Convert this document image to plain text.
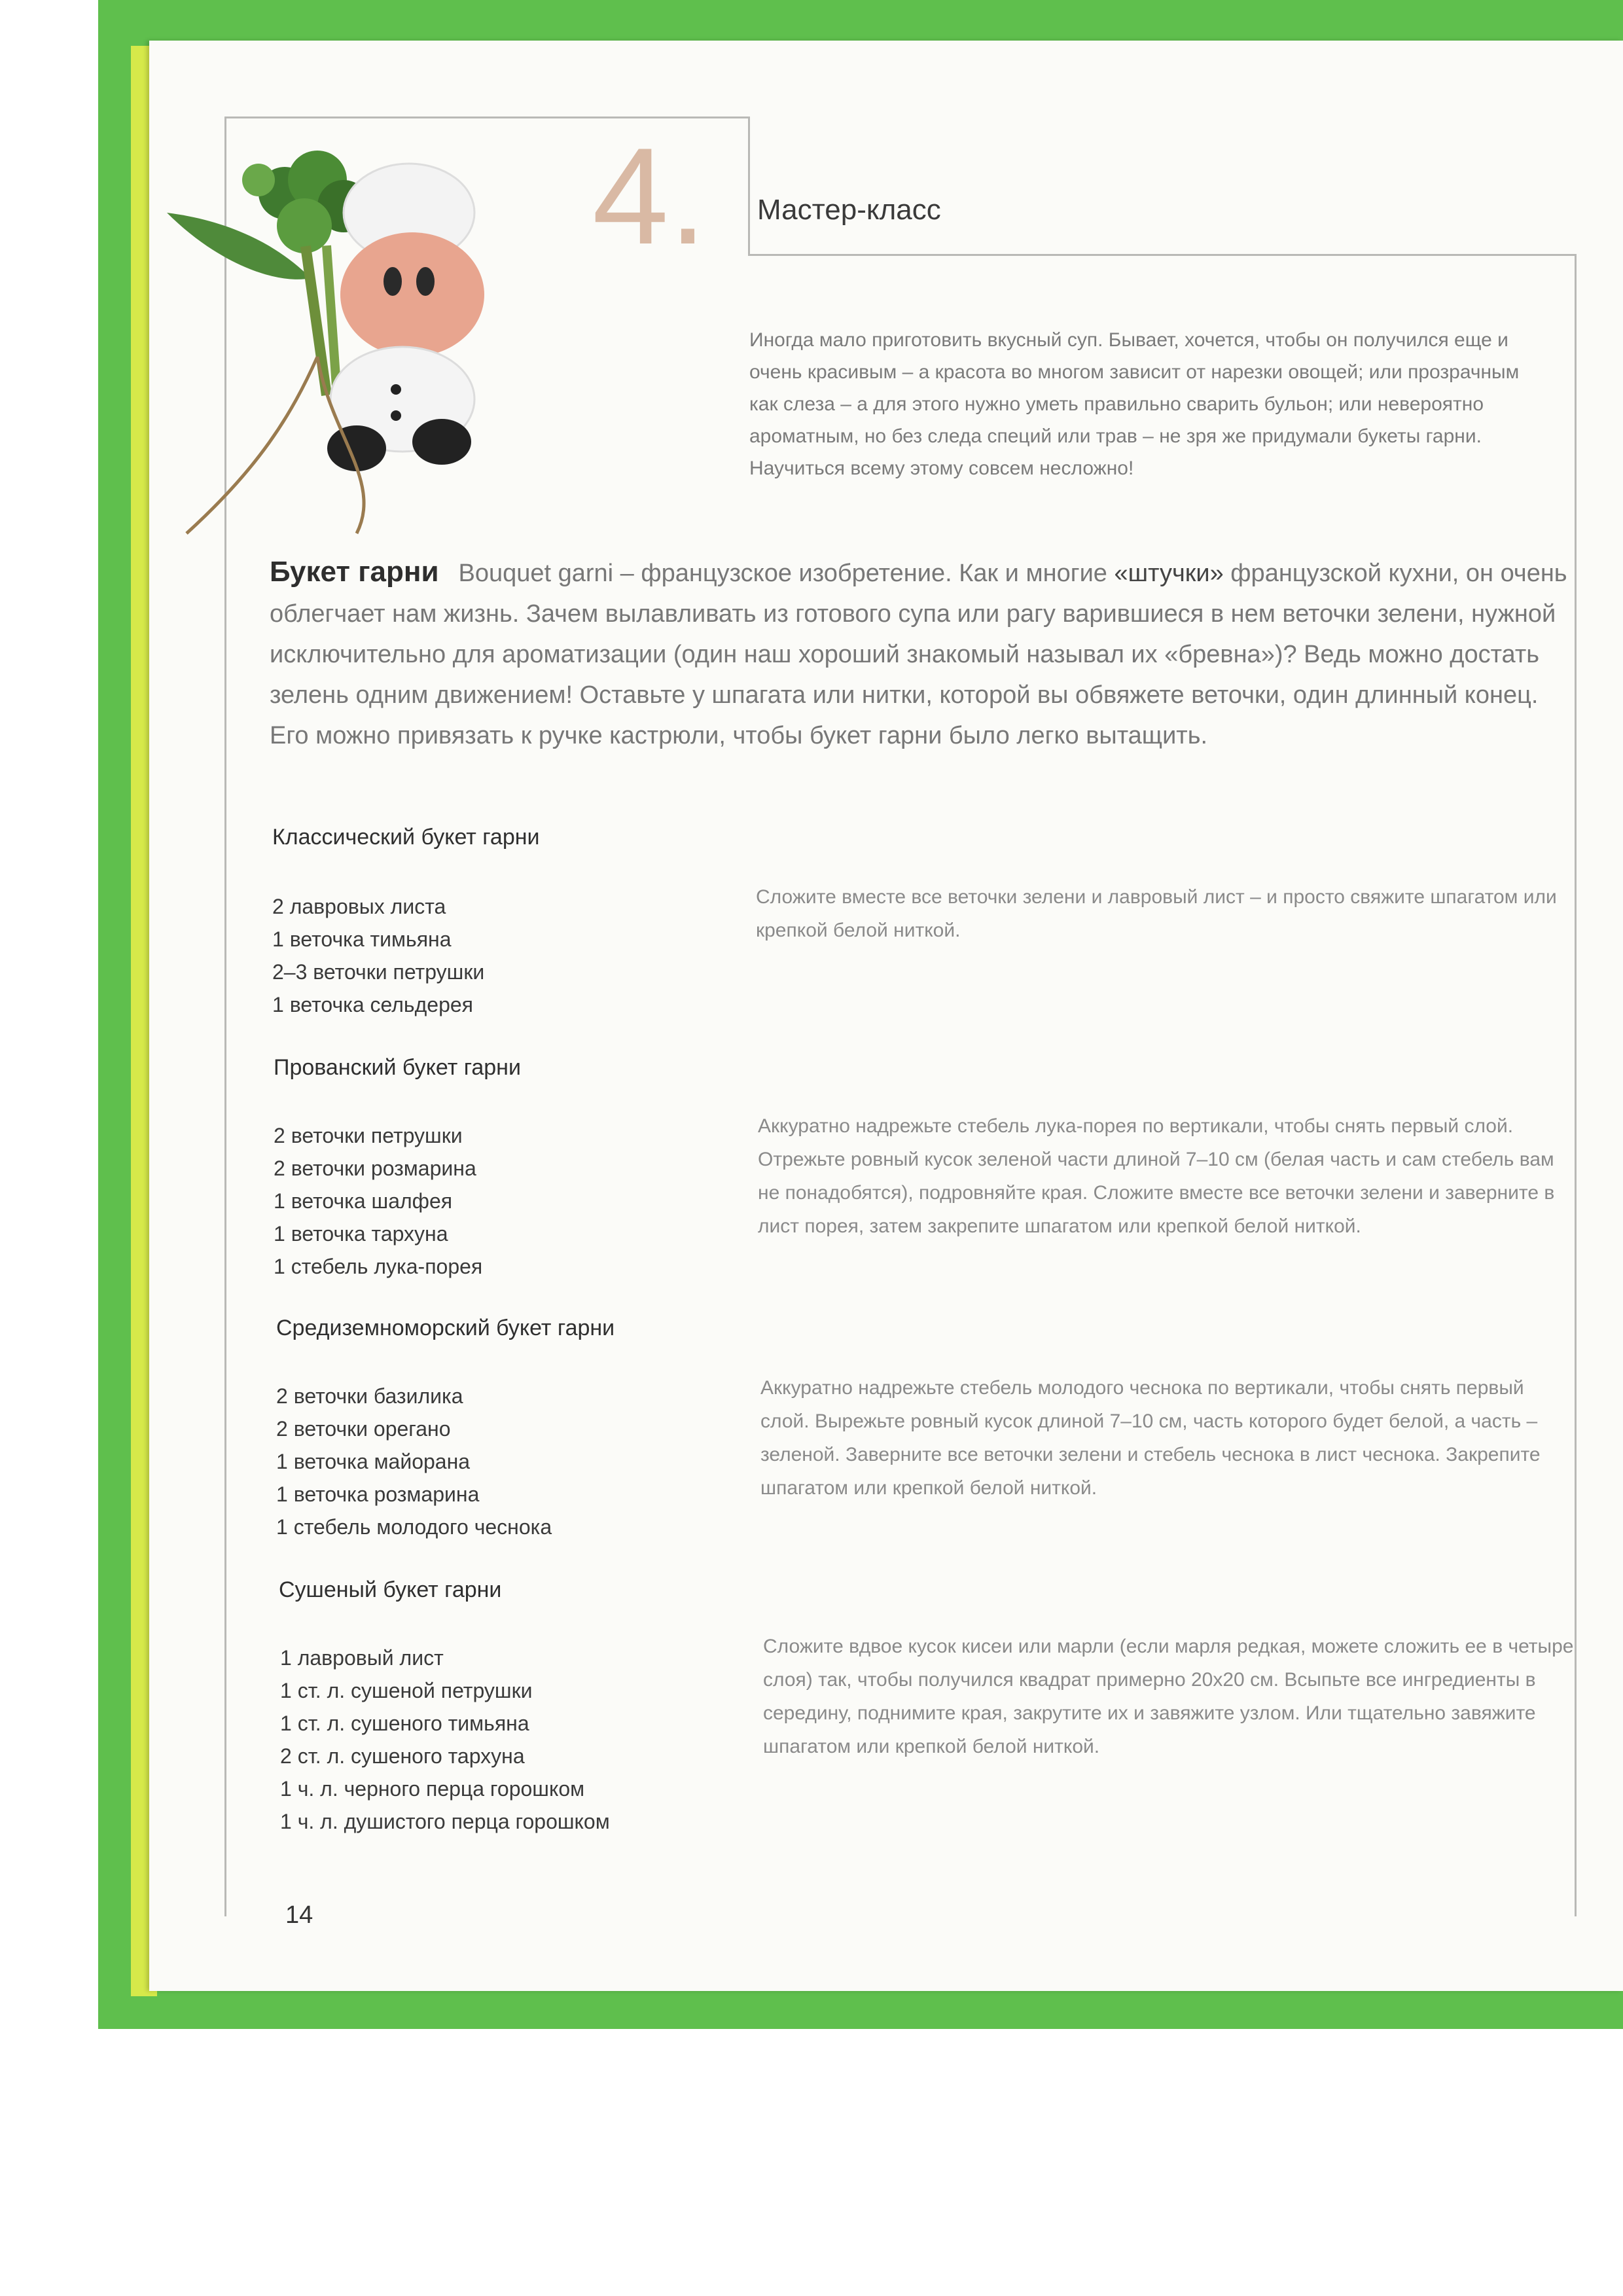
4. Мастер-класс
Иногда мало приготовить вкусный суп. Бывает, хочется, чтобы он получился еще и очень красивым – а красота во многом зависит от нарезки овощей; или прозрачным как слеза – а для этого нужно уметь правильно сварить бульон; или невероятно ароматным, но без следа специй или трав – не зря же придумали букеты гарни. Научиться всему этому совсем несложно!
Букет гарни Bouquet garni – французское изобретение. Как и многие «штучки» французской кухни, он очень облегчает нам жизнь. Зачем вылавливать из готового супа или рагу варившиеся в нем веточки зелени, нужной исключительно для ароматизации (один наш хороший знакомый называл их «бревна»)? Ведь можно достать зелень одним движением! Оставьте у шпагата или нитки, которой вы обвяжете веточки, один длинный конец. Его можно привязать к ручке кастрюли, чтобы букет гарни было легко вытащить.
Классический букет гарни
2 лавровых листа
1 веточка тимьяна
2–3 веточки петрушки
1 веточка сельдерея
Сложите вместе все веточки зелени и лавровый лист – и просто свяжите шпагатом или крепкой белой ниткой.
Прованский букет гарни
2 веточки петрушки
2 веточки розмарина
1 веточка шалфея
1 веточка тархуна
1 стебель лука-порея
Аккуратно надрежьте стебель лука-порея по вертикали, чтобы снять первый слой. Отрежьте ровный кусок зеленой части длиной 7–10 см (белая часть и сам стебель вам не понадобятся), подровняйте края. Сложите вместе все веточки зелени и заверните в лист порея, затем закрепите шпагатом или крепкой белой ниткой.
Средиземноморский букет гарни
2 веточки базилика
2 веточки орегано
1 веточка майорана
1 веточка розмарина
1 стебель молодого чеснока
Аккуратно надрежьте стебель молодого чеснока по вертикали, чтобы снять первый слой. Вырежьте ровный кусок длиной 7–10 см, часть которого будет белой, а часть – зеленой. Заверните все веточки зелени и стебель чеснока в лист чеснока. Закрепите шпагатом или крепкой белой ниткой.
Сушеный букет гарни
1 лавровый лист
1 ст. л. сушеной петрушки
1 ст. л. сушеного тимьяна
2 ст. л. сушеного тархуна
1 ч. л. черного перца горошком
1 ч. л. душистого перца горошком
Сложите вдвое кусок кисеи или марли (если марля редкая, можете сложить ее в четыре слоя) так, чтобы получился квадрат примерно 20х20 см. Всыпьте все ингредиенты в середину, поднимите края, закрутите их и завяжите узлом. Или тщательно завяжите шпагатом или крепкой белой ниткой.
14
